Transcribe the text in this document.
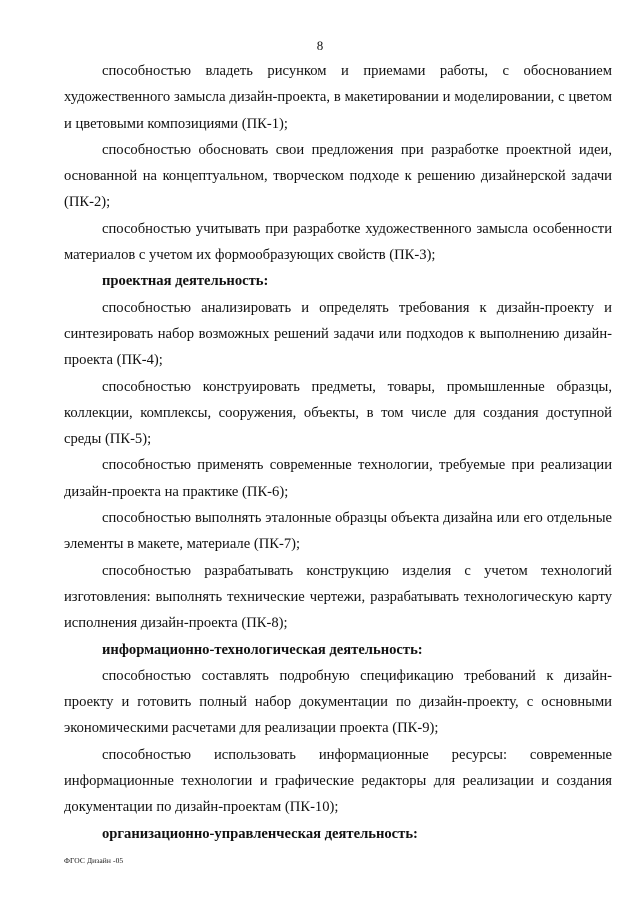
8

способностью владеть рисунком и приемами работы, с обоснованием художественного замысла дизайн-проекта, в макетировании и моделировании, с цветом и цветовыми композициями (ПК-1);

способностью обосновать свои предложения при разработке проектной идеи, основанной на концептуальном, творческом подходе к решению дизайнерской задачи (ПК-2);

способностью учитывать при разработке художественного замысла особенности материалов с учетом их формообразующих свойств (ПК-3);

проектная деятельность:

способностью анализировать и определять требования к дизайн-проекту и синтезировать набор возможных решений задачи или подходов к выполнению дизайн-проекта (ПК-4);

способностью конструировать предметы, товары, промышленные образцы, коллекции, комплексы, сооружения, объекты, в том числе для создания доступной среды (ПК-5);

способностью применять современные технологии, требуемые при реализации дизайн-проекта на практике (ПК-6);

способностью выполнять эталонные образцы объекта дизайна или его отдельные элементы в макете, материале (ПК-7);

способностью разрабатывать конструкцию изделия с учетом технологий изготовления: выполнять технические чертежи, разрабатывать технологическую карту исполнения дизайн-проекта (ПК-8);

информационно-технологическая деятельность:

способностью составлять подробную спецификацию требований к дизайн-проекту и готовить полный набор документации по дизайн-проекту, с основными экономическими расчетами для реализации проекта (ПК-9);

способностью использовать информационные ресурсы: современные информационные технологии и графические редакторы для реализации и создания документации по дизайн-проектам (ПК-10);

организационно-управленческая деятельность:

ФГОС Дизайн -05
